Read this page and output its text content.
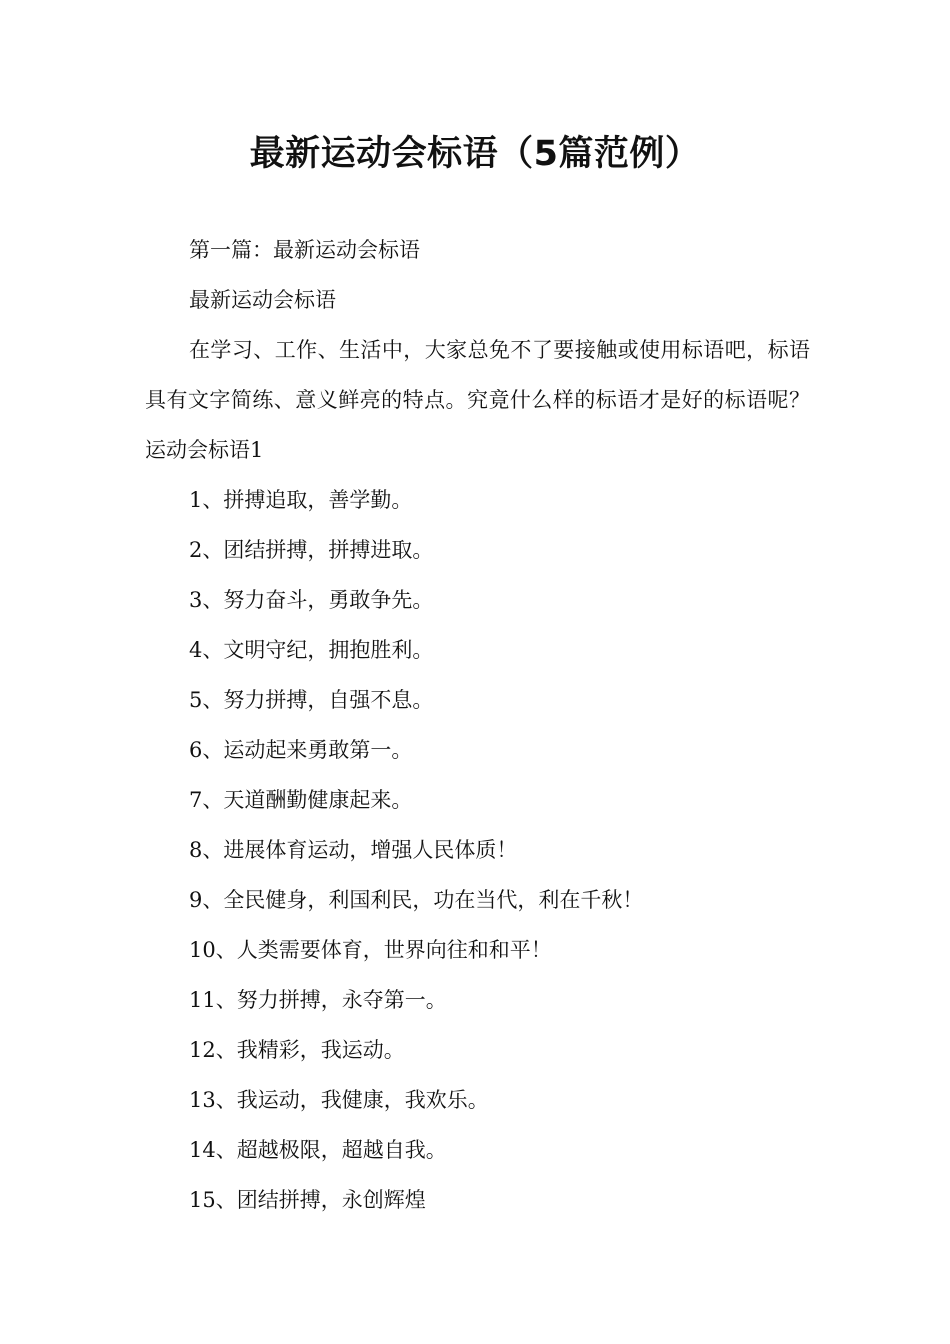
最新运动会标语（5篇范例）
第一篇：最新运动会标语
最新运动会标语
在学习、工作、生活中，大家总免不了要接触或使用标语吧，标语具有文字简练、意义鲜亮的特点。究竟什么样的标语才是好的标语呢？运动会标语1
1、拼搏追取，善学勤。
2、团结拼搏，拼搏进取。
3、努力奋斗，勇敢争先。
4、文明守纪，拥抱胜利。
5、努力拼搏，自强不息。
6、运动起来勇敢第一。
7、天道酬勤健康起来。
8、进展体育运动，增强人民体质！
9、全民健身，利国利民，功在当代，利在千秋！
10、人类需要体育，世界向往和和平！
11、努力拼搏，永夺第一。
12、我精彩，我运动。
13、我运动，我健康，我欢乐。
14、超越极限，超越自我。
15、团结拼搏，永创辉煌
